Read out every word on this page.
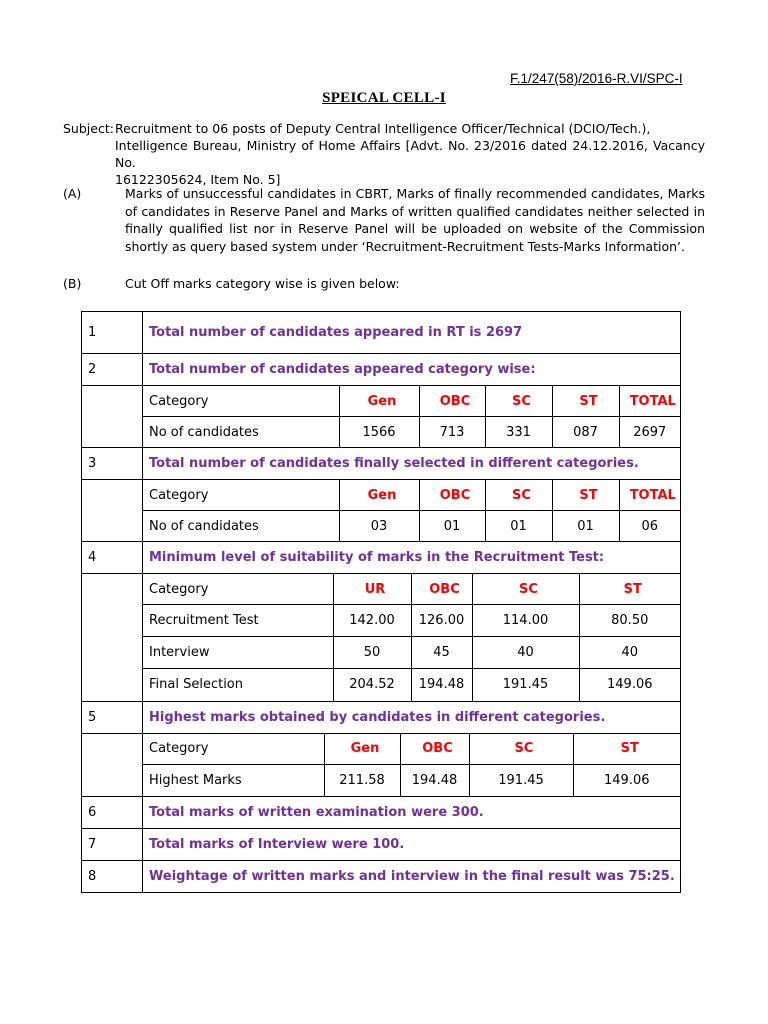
F.1/247(58)/2016-R.VI/SPC-I
SPEICAL CELL-I
Subject:Recruitment to 06 posts of Deputy Central Intelligence Officer/Technical (DCIO/Tech.),
Intelligence Bureau, Ministry of Home Affairs [Advt. No. 23/2016 dated 24.12.2016, Vacancy No.
16122305624, Item No. 5]
(A)	Marks of unsuccessful candidates in CBRT, Marks of finally recommended candidates, Marks of candidates in Reserve Panel and Marks of written qualified candidates neither selected in finally qualified list nor in Reserve Panel will be uploaded on website of the Commission shortly as query based system under ‘Recruitment-Recruitment Tests-Marks Information’.
(B)	Cut Off marks category wise is given below:
1	Total number of candidates appeared in RT is 2697
2	Total number of candidates appeared category wise:

Category	Gen	OBC	SC	ST	TOTAL
No of candidates	1566	713	331	087	2697

3	Total number of candidates finally selected in different categories.

Category	Gen	OBC	SC	ST	TOTAL
No of candidates	03	01	01	01	06

4	Minimum level of suitability of marks in the Recruitment Test:

Category	UR	OBC	SC	ST
Recruitment Test	142.00	126.00	114.00	80.50
Interview	50	45	40	40
Final Selection	204.52	194.48	191.45	149.06

5	Highest marks obtained by candidates in different categories.

Category	Gen	OBC	SC	ST
Highest Marks	211.58	194.48	191.45	149.06

6	Total marks of written examination were 300.
7	Total marks of Interview were 100.
8	Weightage of written marks and interview in the final result was 75:25.
